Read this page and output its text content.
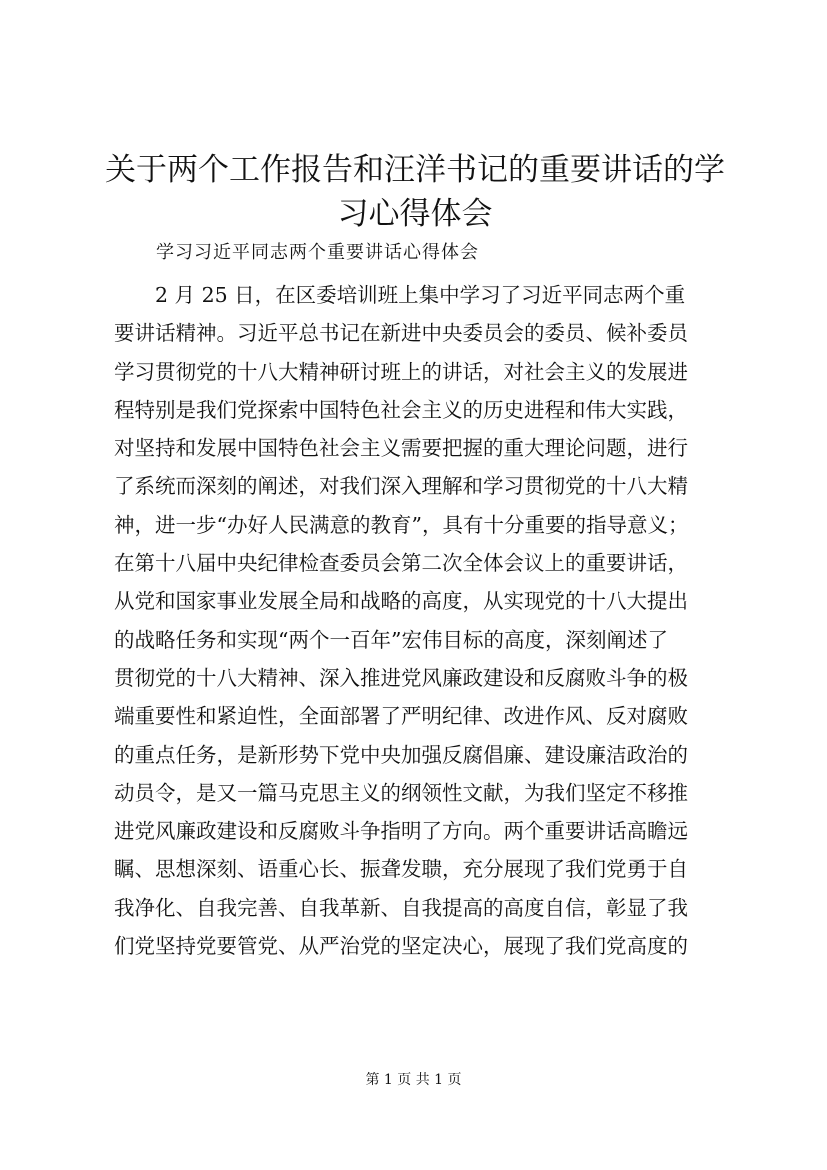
关于两个工作报告和汪洋书记的重要讲话的学习心得体会

学习习近平同志两个重要讲话心得体会

2 月 25 日，在区委培训班上集中学习了习近平同志两个重
要讲话精神。习近平总书记在新进中央委员会的委员、候补委员
学习贯彻党的十八大精神研讨班上的讲话，对社会主义的发展进
程特别是我们党探索中国特色社会主义的历史进程和伟大实践，
对坚持和发展中国特色社会主义需要把握的重大理论问题，进行
了系统而深刻的阐述，对我们深入理解和学习贯彻党的十八大精
神，进一步“办好人民满意的教育”，具有十分重要的指导意义；
在第十八届中央纪律检查委员会第二次全体会议上的重要讲话，
从党和国家事业发展全局和战略的高度，从实现党的十八大提出
的战略任务和实现“两个一百年”宏伟目标的高度，深刻阐述了
贯彻党的十八大精神、深入推进党风廉政建设和反腐败斗争的极
端重要性和紧迫性，全面部署了严明纪律、改进作风、反对腐败
的重点任务，是新形势下党中央加强反腐倡廉、建设廉洁政治的
动员令，是又一篇马克思主义的纲领性文献，为我们坚定不移推
进党风廉政建设和反腐败斗争指明了方向。两个重要讲话高瞻远
瞩、思想深刻、语重心长、振聋发聩，充分展现了我们党勇于自
我净化、自我完善、自我革新、自我提高的高度自信，彰显了我
们党坚持党要管党、从严治党的坚定决心，展现了我们党高度的
第 1 页 共 1 页
